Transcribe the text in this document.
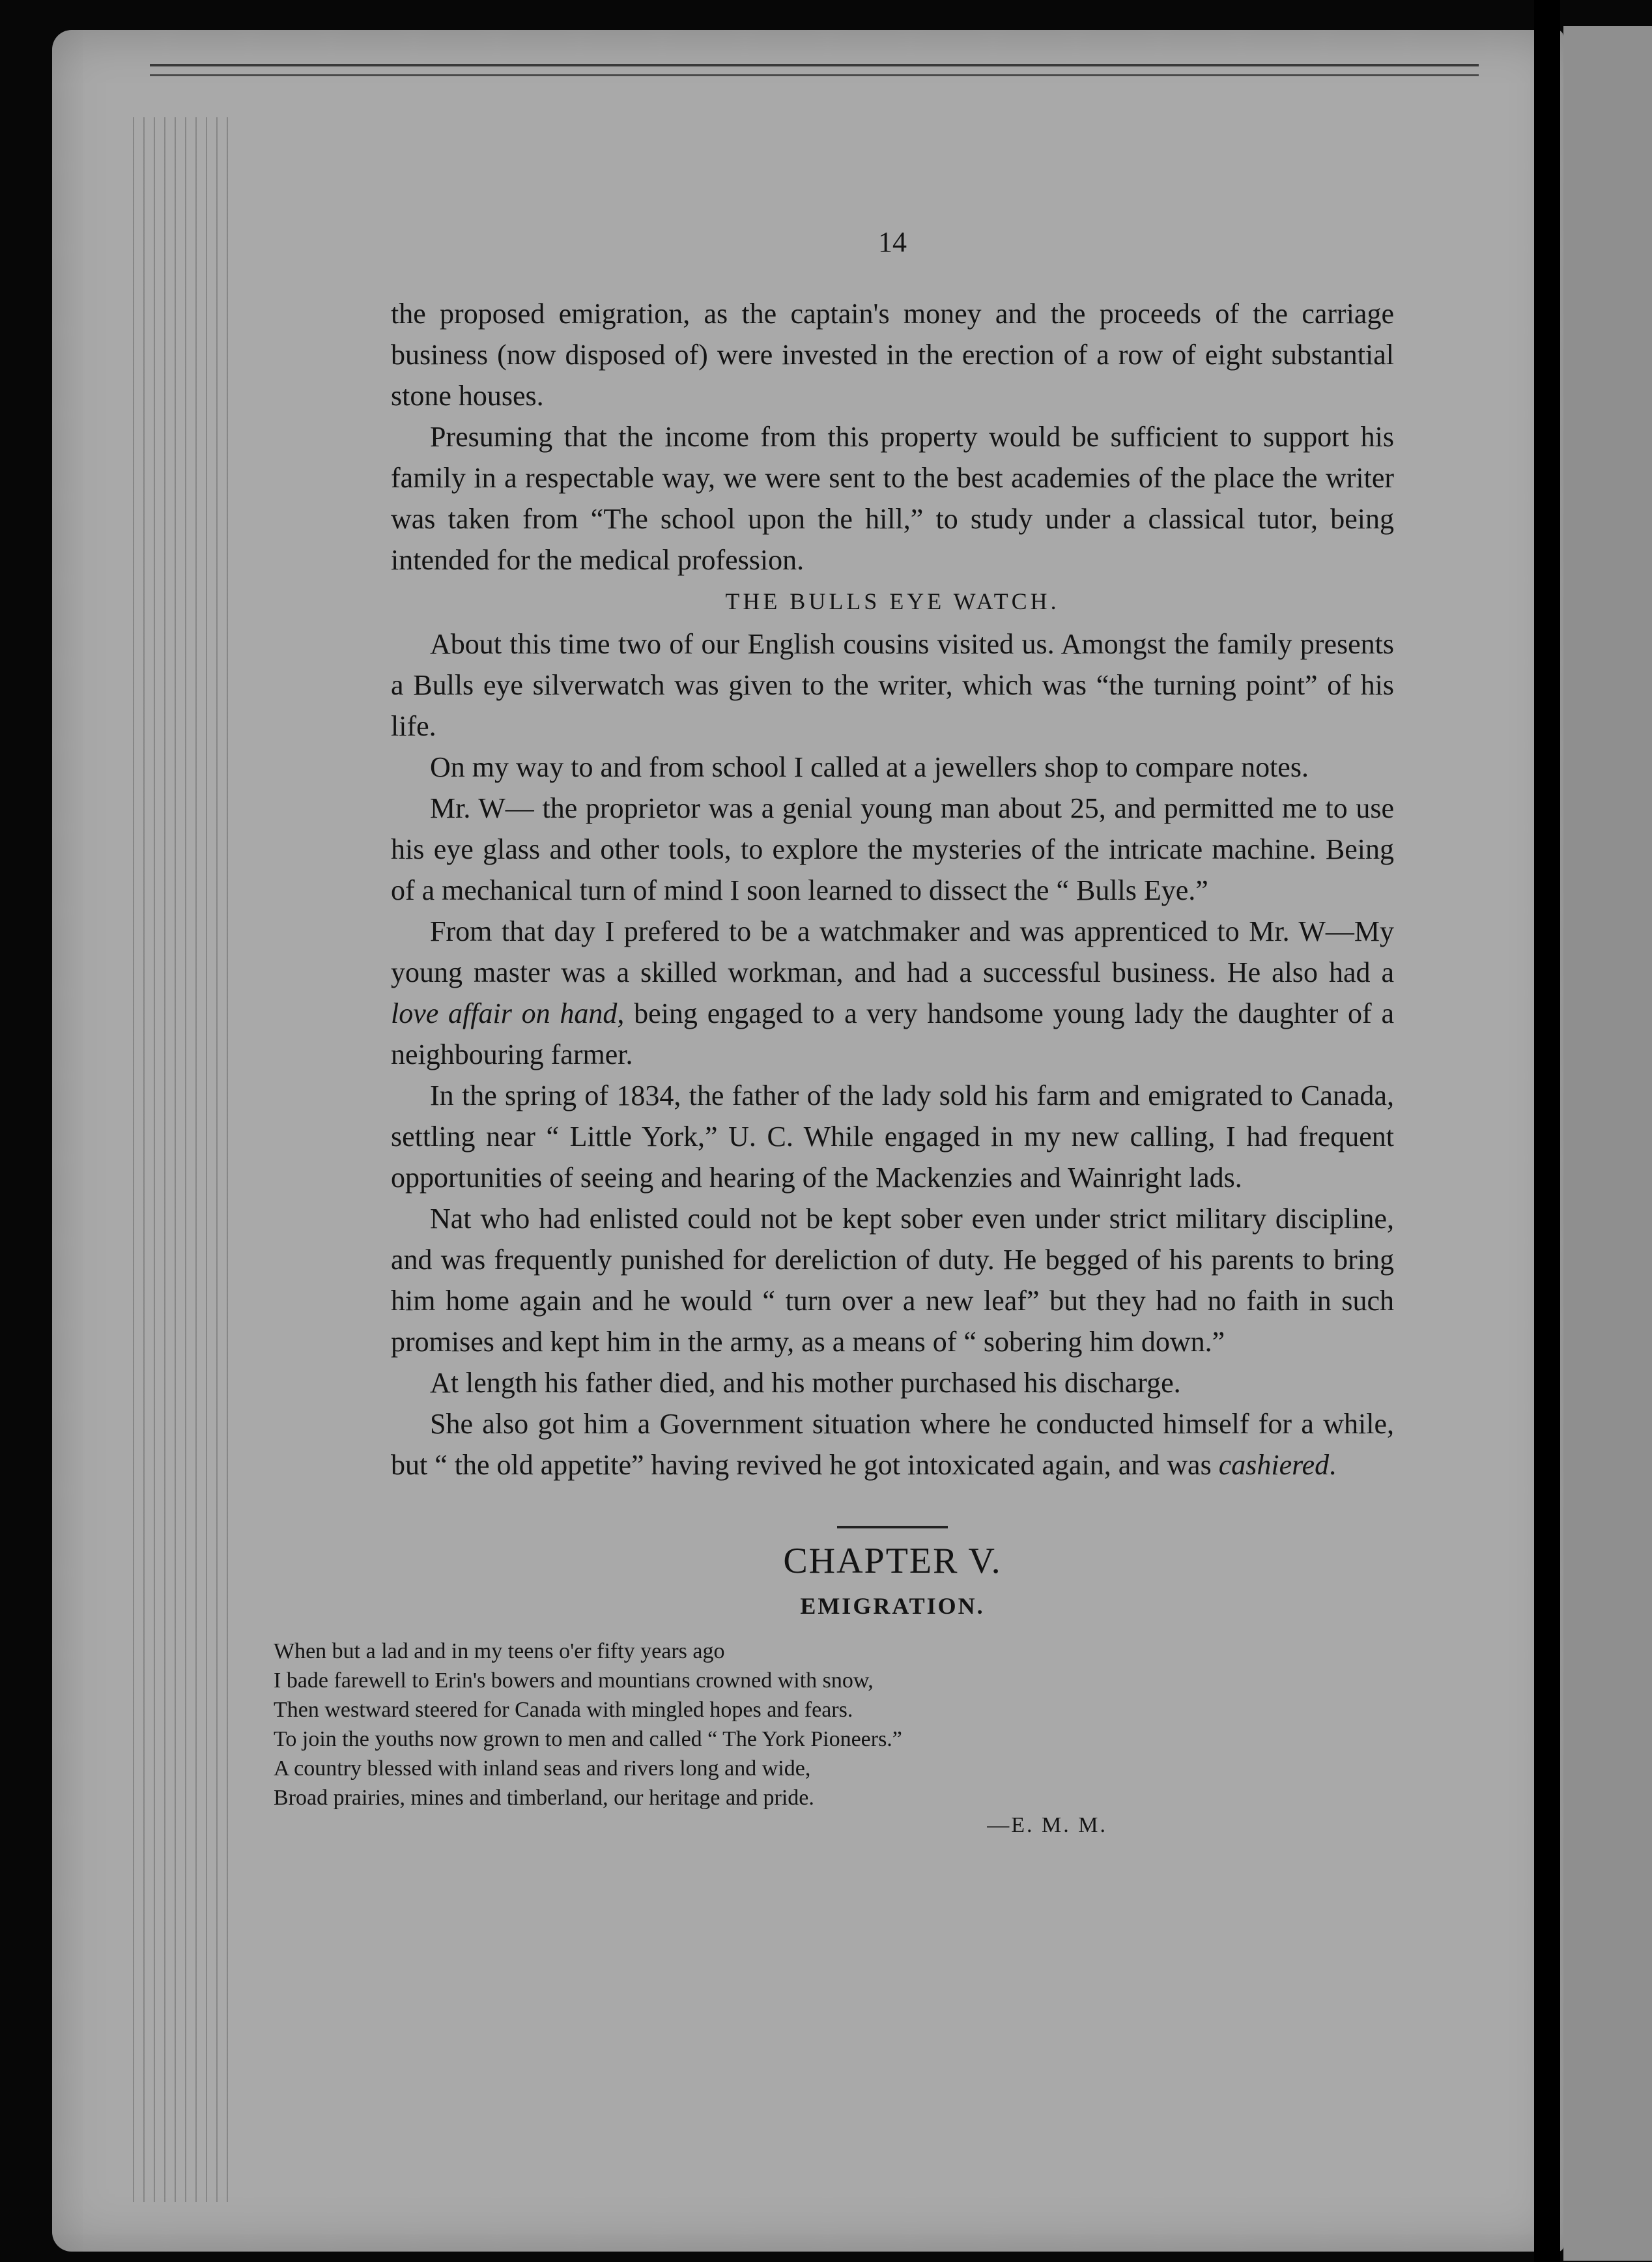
14

the proposed emigration, as the captain's money and the proceeds of the carriage business (now disposed of) were invested in the erection of a row of eight substantial stone houses.

Presuming that the income from this property would be sufficient to support his family in a respectable way, we were sent to the best academies of the place the writer was taken from “The school upon the hill,” to study under a classical tutor, being intended for the medical profession.

THE BULLS EYE WATCH.

About this time two of our English cousins visited us. Amongst the family presents a Bulls eye silverwatch was given to the writer, which was “the turning point” of his life.

On my way to and from school I called at a jewellers shop to compare notes.

Mr. W— the proprietor was a genial young man about 25, and permitted me to use his eye glass and other tools, to explore the mysteries of the intricate machine. Being of a mechanical turn of mind I soon learned to dissect the “ Bulls Eye.”

From that day I prefered to be a watchmaker and was apprenticed to Mr. W—My young master was a skilled workman, and had a successful business. He also had a love affair on hand, being engaged to a very handsome young lady the daughter of a neighbouring farmer.

In the spring of 1834, the father of the lady sold his farm and emigrated to Canada, settling near “ Little York,” U. C. While engaged in my new calling, I had frequent opportunities of seeing and hearing of the Mackenzies and Wainright lads.

Nat who had enlisted could not be kept sober even under strict military discipline, and was frequently punished for dereliction of duty. He begged of his parents to bring him home again and he would “ turn over a new leaf” but they had no faith in such promises and kept him in the army, as a means of “ sobering him down.”

At length his father died, and his mother purchased his discharge.

She also got him a Government situation where he conducted himself for a while, but “ the old appetite” having revived he got intoxicated again, and was cashiered.

CHAPTER V.
EMIGRATION.
When but a lad and in my teens o'er fifty years ago
I bade farewell to Erin's bowers and mountians crowned with snow,
Then westward steered for Canada with mingled hopes and fears.
To join the youths now grown to men and called “ The York Pioneers.”
A country blessed with inland seas and rivers long and wide,
Broad prairies, mines and timberland, our heritage and pride.
—E. M. M.
